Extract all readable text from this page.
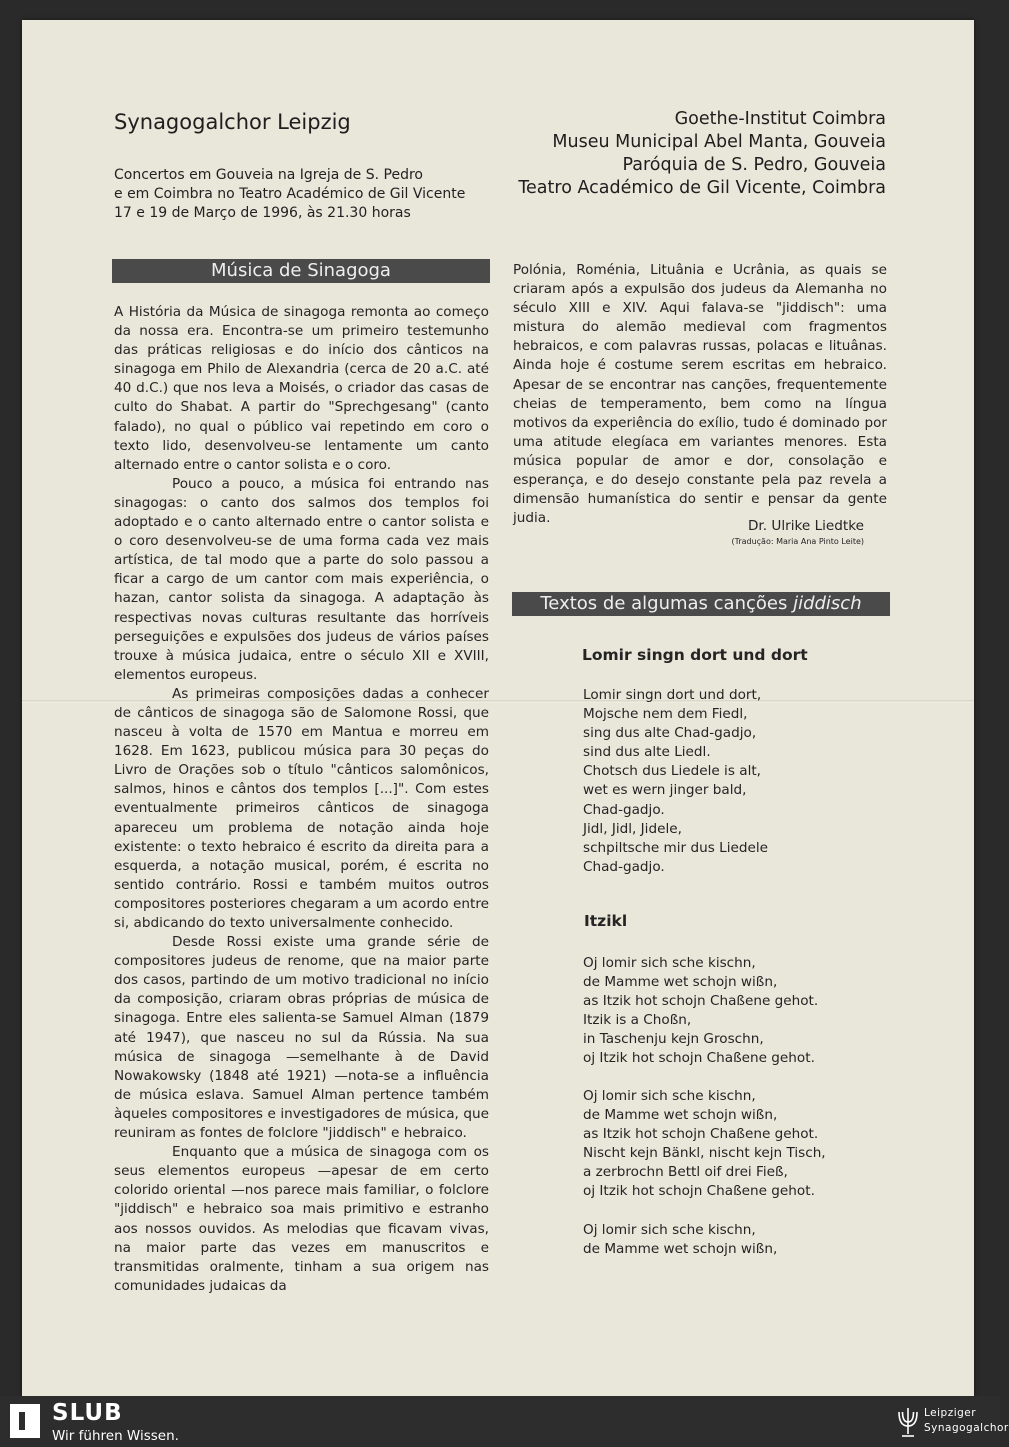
Synagogalchor Leipzig
Concertos em Gouveia na Igreja de S. Pedro
e em Coimbra no Teatro Académico de Gil Vicente
17 e 19 de Março de 1996, às 21.30 horas
Goethe-Institut Coimbra
Museu Municipal Abel Manta, Gouveia
Paróquia de S. Pedro, Gouveia
Teatro Académico de Gil Vicente, Coimbra
Música de Sinagoga

A História da Música de sinagoga remonta ao começo da nossa era. Encontra-se um primeiro testemunho das práticas religiosas e do início dos cânticos na sinagoga em Philo de Alexandria (cerca de 20 a.C. até 40 d.C.) que nos leva a Moisés, o criador das casas de culto do Shabat. A partir do "Sprechgesang" (canto falado), no qual o público vai repetindo em coro o texto lido, desenvolveu-se lentamente um canto alternado entre o cantor solista e o coro.

Pouco a pouco, a música foi entrando nas sinagogas: o canto dos salmos dos templos foi adoptado e o canto alternado entre o cantor solista e o coro desenvolveu-se de uma forma cada vez mais artística, de tal modo que a parte do solo passou a ficar a cargo de um cantor com mais experiência, o hazan, cantor solista da sinagoga. A adaptação às respectivas novas culturas resultante das horríveis perseguições e expulsões dos judeus de vários países trouxe à música judaica, entre o século XII e XVIII, elementos europeus.

As primeiras composições dadas a conhecer de cânticos de sinagoga são de Salomone Rossi, que nasceu à volta de 1570 em Mantua e morreu em 1628. Em 1623, publicou música para 30 peças do Livro de Orações sob o título "cânticos salomônicos, salmos, hinos e cântos dos templos [...]". Com estes eventualmente primeiros cânticos de sinagoga apareceu um problema de notação ainda hoje existente: o texto hebraico é escrito da direita para a esquerda, a notação musical, porém, é escrita no sentido contrário. Rossi e também muitos outros compositores posteriores chegaram a um acordo entre si, abdicando do texto universalmente conhecido.

Desde Rossi existe uma grande série de compositores judeus de renome, que na maior parte dos casos, partindo de um motivo tradicional no início da composição, criaram obras próprias de música de sinagoga. Entre eles salienta-se Samuel Alman (1879 até 1947), que nasceu no sul da Rússia. Na sua música de sinagoga —semelhante à de David Nowakowsky (1848 até 1921) —nota-se a influência de música eslava. Samuel Alman pertence também àqueles compositores e investigadores de música, que reuniram as fontes de folclore "jiddisch" e hebraico.

Enquanto que a música de sinagoga com os seus elementos europeus —apesar de em certo colorido oriental —nos parece mais familiar, o folclore "jiddisch" e hebraico soa mais primitivo e estranho aos nossos ouvidos. As melodias que ficavam vivas, na maior parte das vezes em manuscritos e transmitidas oralmente, tinham a sua origem nas comunidades judaicas da

Polónia, Roménia, Lituânia e Ucrânia, as quais se criaram após a expulsão dos judeus da Alemanha no século XIII e XIV. Aqui falava-se "jiddisch": uma mistura do alemão medieval com fragmentos hebraicos, e com palavras russas, polacas e lituânas. Ainda hoje é costume serem escritas em hebraico. Apesar de se encontrar nas canções, frequentemente cheias de temperamento, bem como na língua motivos da experiência do exílio, tudo é dominado por uma atitude elegíaca em variantes menores. Esta música popular de amor e dor, consolação e esperança, e do desejo constante pela paz revela a dimensão humanística do sentir e pensar da gente judia.	Dr. Ulrike Liedtke
(Tradução: Maria Ana Pinto Leite)
Textos de algumas canções jiddisch
Lomir singn dort und dort
Lomir singn dort und dort,
Mojsche nem dem Fiedl,
sing dus alte Chad-gadjo,
sind dus alte Liedl.
Chotsch dus Liedele is alt,
wet es wern jinger bald,
Chad-gadjo.
Jidl, Jidl, Jidele,
schpiltsche mir dus Liedele
Chad-gadjo.
Itzikl
Oj lomir sich sche kischn,
de Mamme wet schojn wißn,
as Itzik hot schojn Chaßene gehot.
Itzik is a Choßn,
in Taschenju kejn Groschn,
oj Itzik hot schojn Chaßene gehot.
Oj lomir sich sche kischn,
de Mamme wet schojn wißn,
as Itzik hot schojn Chaßene gehot.
Nischt kejn Bänkl, nischt kejn Tisch,
a zerbrochn Bettl oif drei Fieß,
oj Itzik hot schojn Chaßene gehot.
Oj lomir sich sche kischn,
de Mamme wet schojn wißn,
SLUB
Wir führen Wissen.
Leipziger
Synagogalchor
